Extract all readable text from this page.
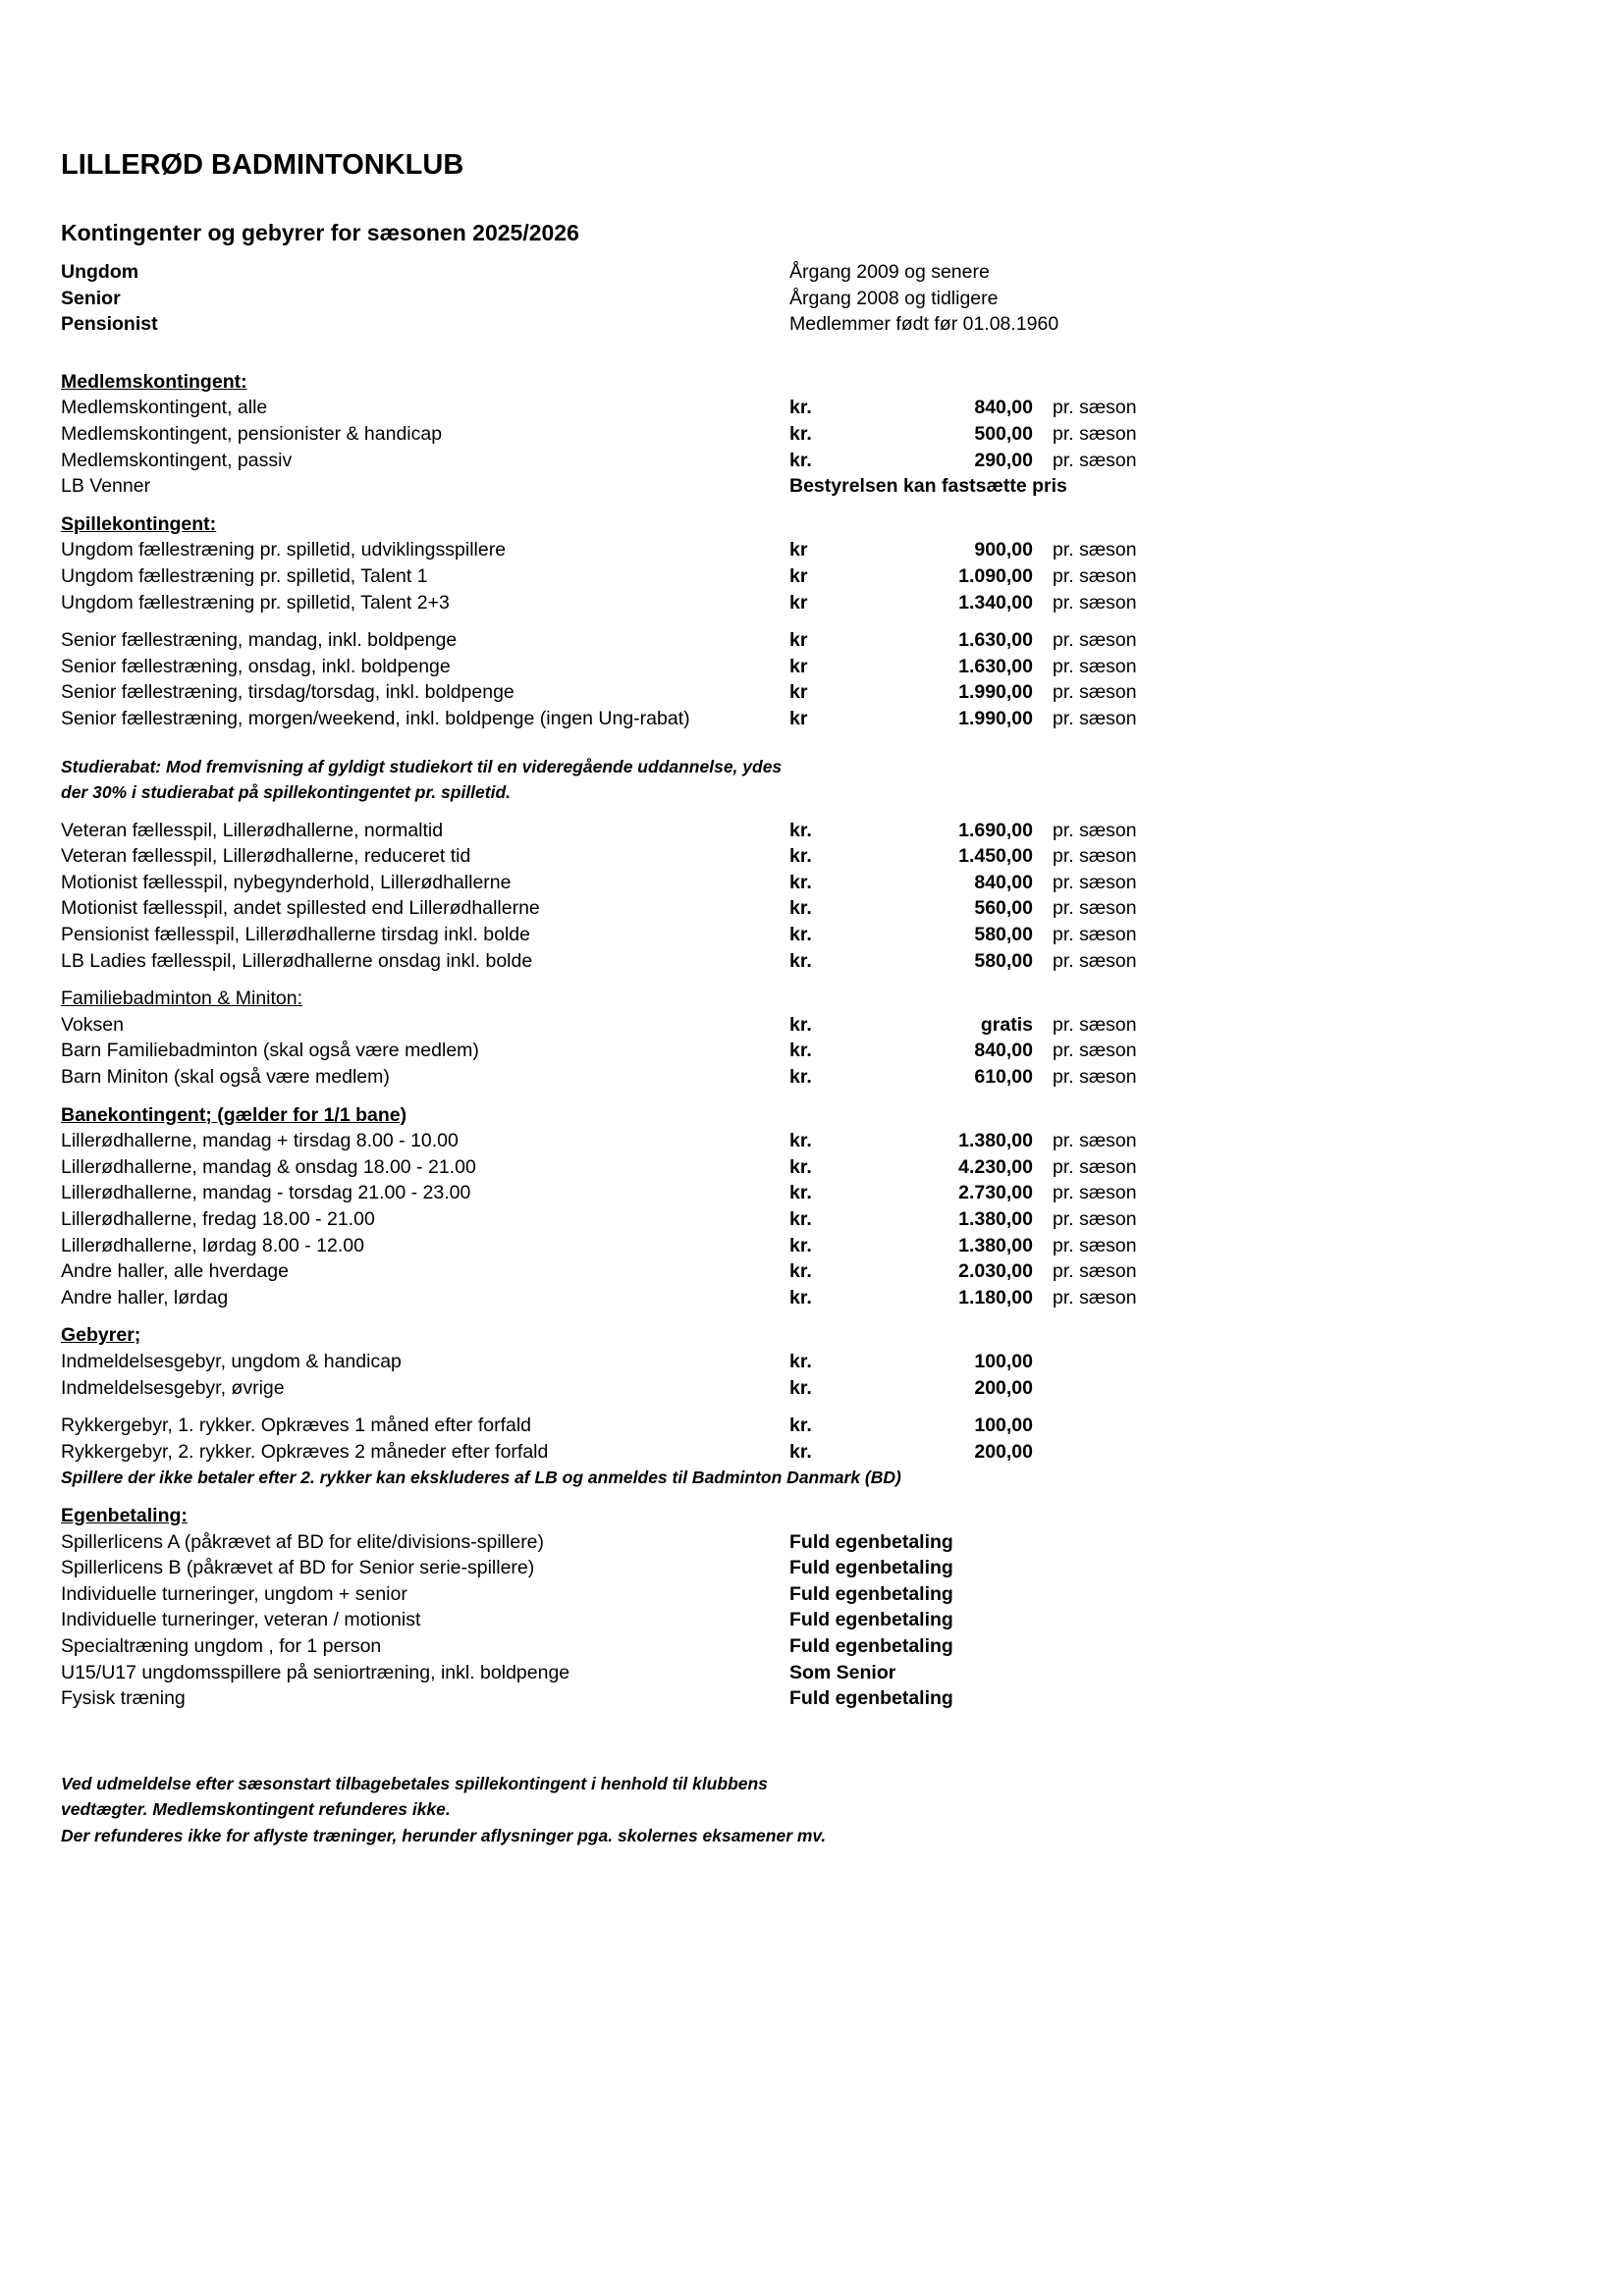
LILLERØD BADMINTONKLUB
Kontingenter og gebyrer for sæsonen 2025/2026
Ungdom	Årgang 2009 og senere
Senior	Årgang 2008 og tidligere
Pensionist	Medlemmer født før 01.08.1960
Medlemskontingent:
Medlemskontingent, alle	kr.	840,00 pr. sæson
Medlemskontingent, pensionister & handicap	kr.	500,00 pr. sæson
Medlemskontingent, passiv	kr.	290,00 pr. sæson
LB Venner	Bestyrelsen kan fastsætte pris
Spillekontingent:
Ungdom fællestræning pr. spilletid, udviklingsspillere	kr	900,00 pr. sæson
Ungdom fællestræning pr. spilletid, Talent 1	kr	1.090,00 pr. sæson
Ungdom fællestræning pr. spilletid, Talent 2+3	kr	1.340,00 pr. sæson
Senior fællestræning, mandag, inkl. boldpenge	kr	1.630,00 pr. sæson
Senior fællestræning, onsdag, inkl. boldpenge	kr	1.630,00 pr. sæson
Senior fællestræning, tirsdag/torsdag, inkl. boldpenge	kr	1.990,00 pr. sæson
Senior fællestræning, morgen/weekend, inkl. boldpenge (ingen Ung-rabat)	kr	1.990,00 pr. sæson
Studierabat: Mod fremvisning af gyldigt studiekort til en videregående uddannelse, ydes
der 30% i studierabat på spillekontingentet pr. spilletid.
Veteran fællesspil, Lillerødhallerne, normaltid	kr.	1.690,00 pr. sæson
Veteran fællesspil, Lillerødhallerne, reduceret tid	kr.	1.450,00 pr. sæson
Motionist fællesspil, nybegynderhold, Lillerødhallerne	kr.	840,00 pr. sæson
Motionist fællesspil, andet spillested end Lillerødhallerne	kr.	560,00 pr. sæson
Pensionist fællesspil, Lillerødhallerne tirsdag inkl. bolde	kr.	580,00 pr. sæson
LB Ladies fællesspil, Lillerødhallerne onsdag inkl. bolde	kr.	580,00 pr. sæson
Familiebadminton & Miniton:
Voksen	kr.	gratis pr. sæson
Barn Familiebadminton (skal også være medlem)	kr.	840,00 pr. sæson
Barn Miniton (skal også være medlem)	kr.	610,00 pr. sæson
Banekontingent; (gælder for 1/1 bane)
Lillerødhallerne, mandag + tirsdag 8.00 - 10.00	kr.	1.380,00 pr. sæson
Lillerødhallerne, mandag & onsdag 18.00 - 21.00	kr.	4.230,00 pr. sæson
Lillerødhallerne, mandag - torsdag 21.00 - 23.00	kr.	2.730,00 pr. sæson
Lillerødhallerne, fredag 18.00 - 21.00	kr.	1.380,00 pr. sæson
Lillerødhallerne, lørdag 8.00 - 12.00	kr.	1.380,00 pr. sæson
Andre haller, alle hverdage	kr.	2.030,00 pr. sæson
Andre haller, lørdag	kr.	1.180,00 pr. sæson
Gebyrer;
Indmeldelsesgebyr, ungdom & handicap	kr.	100,00
Indmeldelsesgebyr, øvrige	kr.	200,00
Rykkergebyr, 1. rykker. Opkræves 1 måned efter forfald	kr.	100,00
Rykkergebyr, 2. rykker. Opkræves 2 måneder efter forfald	kr.	200,00
Spillere der ikke betaler efter 2. rykker kan ekskluderes af LB og anmeldes til Badminton Danmark (BD)
Egenbetaling:
Spillerlicens A (påkrævet af BD for elite/divisions-spillere)	Fuld egenbetaling
Spillerlicens B (påkrævet af BD for Senior serie-spillere)	Fuld egenbetaling
Individuelle turneringer, ungdom + senior	Fuld egenbetaling
Individuelle turneringer, veteran / motionist	Fuld egenbetaling
Specialtræning ungdom , for 1 person	Fuld egenbetaling
U15/U17 ungdomsspillere på seniortræning, inkl. boldpenge	Som Senior
Fysisk træning	Fuld egenbetaling
Ved udmeldelse efter sæsonstart tilbagebetales spillekontingent i henhold til klubbens
vedtægter. Medlemskontingent refunderes ikke.
Der refunderes ikke for aflyste træninger, herunder aflysninger pga. skolernes eksamener mv.
